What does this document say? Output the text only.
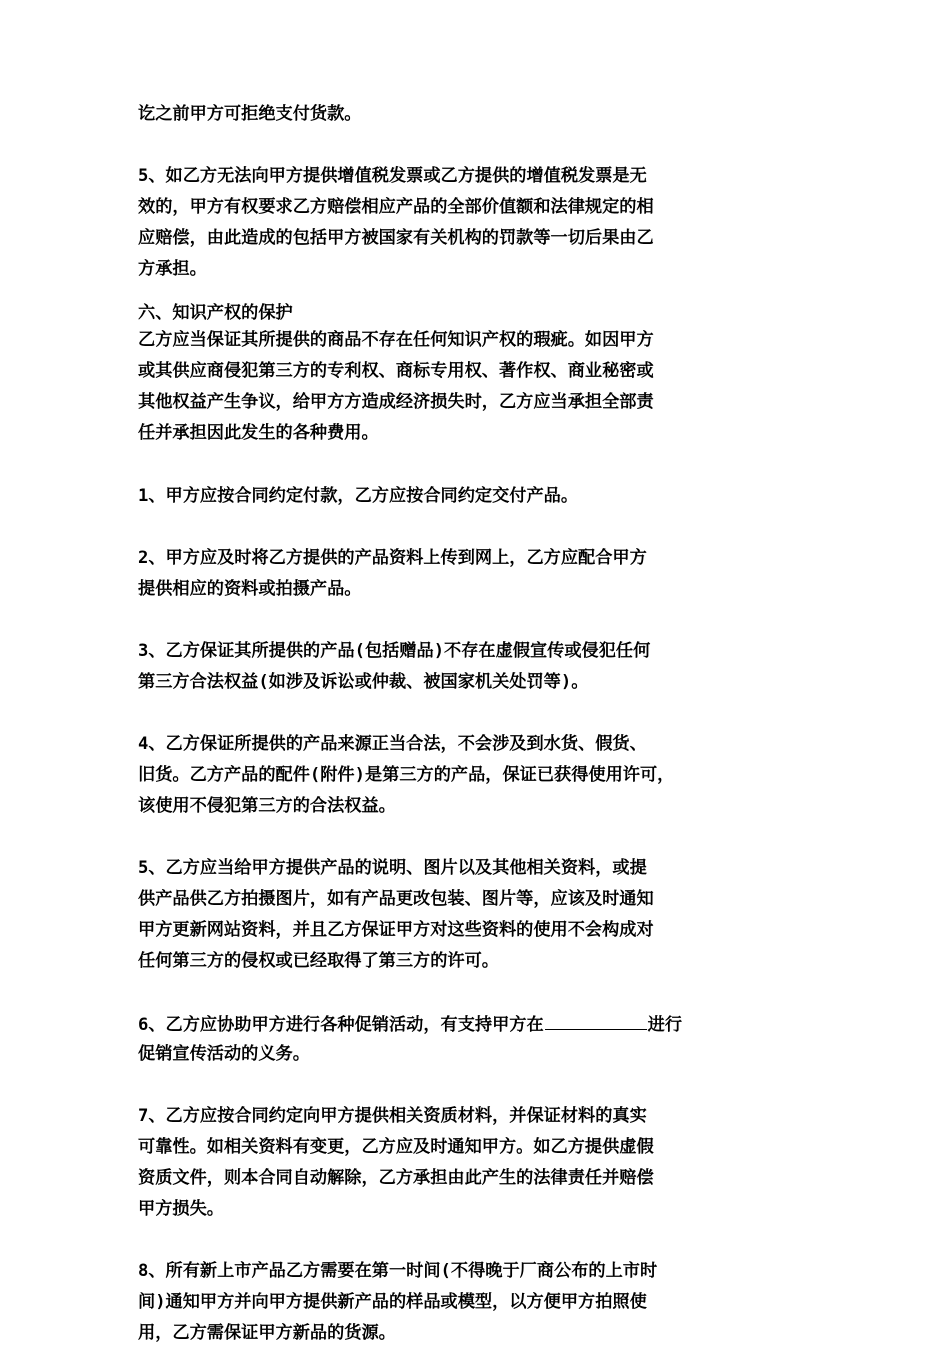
讫之前甲方可拒绝支付货款。
5、如乙方无法向甲方提供增值税发票或乙方提供的增值税发票是无
效的，甲方有权要求乙方赔偿相应产品的全部价值额和法律规定的相
应赔偿，由此造成的包括甲方被国家有关机构的罚款等一切后果由乙
方承担。
六、知识产权的保护
乙方应当保证其所提供的商品不存在任何知识产权的瑕疵。如因甲方
或其供应商侵犯第三方的专利权、商标专用权、著作权、商业秘密或
其他权益产生争议，给甲方方造成经济损失时，乙方应当承担全部责
任并承担因此发生的各种费用。
1、甲方应按合同约定付款，乙方应按合同约定交付产品。
2、甲方应及时将乙方提供的产品资料上传到网上，乙方应配合甲方
提供相应的资料或拍摄产品。
3、乙方保证其所提供的产品(包括赠品)不存在虚假宣传或侵犯任何
第三方合法权益(如涉及诉讼或仲裁、被国家机关处罚等)。
4、乙方保证所提供的产品来源正当合法，不会涉及到水货、假货、
旧货。乙方产品的配件(附件)是第三方的产品，保证已获得使用许可，
该使用不侵犯第三方的合法权益。
5、乙方应当给甲方提供产品的说明、图片以及其他相关资料，或提
供产品供乙方拍摄图片，如有产品更改包装、图片等，应该及时通知
甲方更新网站资料，并且乙方保证甲方对这些资料的使用不会构成对
任何第三方的侵权或已经取得了第三方的许可。
6、乙方应协助甲方进行各种促销活动，有支持甲方在	进行
促销宣传活动的义务。
7、乙方应按合同约定向甲方提供相关资质材料，并保证材料的真实
可靠性。如相关资料有变更，乙方应及时通知甲方。如乙方提供虚假
资质文件，则本合同自动解除，乙方承担由此产生的法律责任并赔偿
甲方损失。
8、所有新上市产品乙方需要在第一时间(不得晚于厂商公布的上市时
间)通知甲方并向甲方提供新产品的样品或模型，以方便甲方拍照使
用，乙方需保证甲方新品的货源。
